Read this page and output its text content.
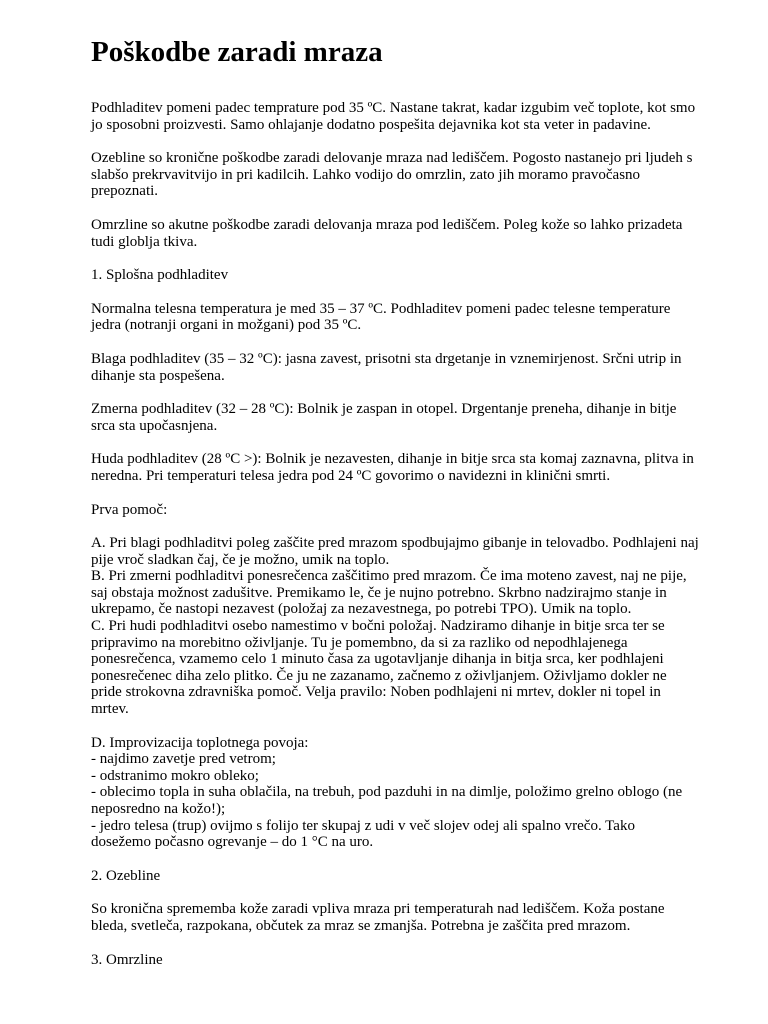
Poškodbe zaradi mraza

Podhladitev pomeni padec temprature pod 35 ºC. Nastane takrat, kadar izgubim več toplote, kot smo
jo sposobni proizvesti. Samo ohlajanje dodatno pospešita dejavnika kot sta veter in padavine.

Ozebline so kronične poškodbe zaradi delovanje mraza nad lediščem. Pogosto nastanejo pri ljudeh s
slabšo prekrvavitvijo in pri kadilcih. Lahko vodijo do omrzlin, zato jih moramo pravočasno
prepoznati.

Omrzline so akutne poškodbe zaradi delovanja mraza pod lediščem. Poleg kože so lahko prizadeta
tudi globlja tkiva.

1. Splošna podhladitev

Normalna telesna temperatura je med 35 – 37 ºC. Podhladitev pomeni padec telesne temperature
jedra (notranji organi in možgani) pod 35 ºC.

Blaga podhladitev (35 – 32 ºC): jasna zavest, prisotni sta drgetanje in vznemirjenost. Srčni utrip in
dihanje sta pospešena.

Zmerna podhladitev (32 – 28 ºC): Bolnik je zaspan in otopel. Drgentanje preneha, dihanje in bitje
srca sta upočasnjena.

Huda podhladitev (28 ºC >): Bolnik je nezavesten, dihanje in bitje srca sta komaj zaznavna, plitva in
neredna. Pri temperaturi telesa jedra pod 24 ºC govorimo o navidezni in klinični smrti.

Prva pomoč:

A. Pri blagi podhladitvi poleg zaščite pred mrazom spodbujajmo gibanje in telovadbo. Podhlajeni naj
pije vroč sladkan čaj, če je možno, umik na toplo.
B. Pri zmerni podhladitvi ponesrečenca zaščitimo pred mrazom. Če ima moteno zavest, naj ne pije,
saj obstaja možnost zadušitve. Premikamo le, če je nujno potrebno. Skrbno nadzirajmo stanje in
ukrepamo, če nastopi nezavest (položaj za nezavestnega, po potrebi TPO). Umik na toplo.
C. Pri hudi podhladitvi osebo namestimo v bočni položaj. Nadziramo dihanje in bitje srca ter se
pripravimo na morebitno oživljanje. Tu je pomembno, da si za razliko od nepodhlajenega
ponesrečenca, vzamemo celo 1 minuto časa za ugotavljanje dihanja in bitja srca, ker podhlajeni
ponesrečenec diha zelo plitko. Če ju ne zazanamo, začnemo z oživljanjem. Oživljamo dokler ne
pride strokovna zdravniška pomoč. Velja pravilo: Noben podhlajeni ni mrtev, dokler ni topel in
mrtev.

D. Improvizacija toplotnega povoja:
- najdimo zavetje pred vetrom;
- odstranimo mokro obleko;
- oblecimo topla in suha oblačila, na trebuh, pod pazduhi in na dimlje, položimo grelno oblogo (ne
neposredno na kožo!);
- jedro telesa (trup) ovijmo s folijo ter skupaj z udi v več slojev odej ali spalno vrečo. Tako
dosežemo počasno ogrevanje – do 1 °C na uro.

2. Ozebline

So kronična sprememba kože zaradi vpliva mraza pri temperaturah nad lediščem. Koža postane
bleda, svetleča, razpokana, občutek za mraz se zmanjša. Potrebna je zaščita pred mrazom.

3. Omrzline
